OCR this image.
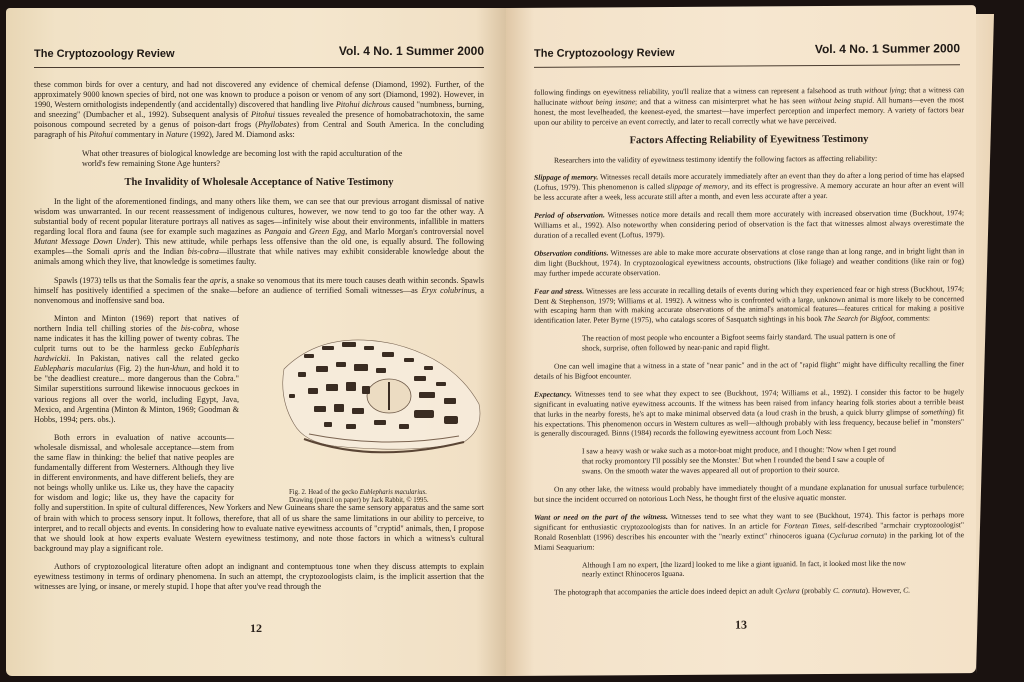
The Cryptozoology Review	Vol. 4 No. 1 Summer 2000

these common birds for over a century, and had not discovered any evidence of chemical defense (Diamond, 1992). Further, of the approximately 9000 known species of bird, not one was known to produce a poison or venom of any sort (Diamond, 1992). However, in 1990, Western ornithologists independently (and accidentally) discovered that handling live Pitohui dichrous caused "numbness, burning, and sneezing" (Dumbacher et al., 1992). Subsequent analysis of Pitohui tissues revealed the presence of homobatrachotoxin, the same poisonous compound secreted by a genus of poison-dart frogs (Phyllobates) from Central and South America. In the concluding paragraph of his Pitohui commentary in Nature (1992), Jared M. Diamond asks:

What other treasures of biological knowledge are becoming lost with the rapid acculturation of the world's few remaining Stone Age hunters?

The Invalidity of Wholesale Acceptance of Native Testimony

In the light of the aforementioned findings, and many others like them, we can see that our previous arrogant dismissal of native wisdom was unwarranted. In our recent reassessment of indigenous cultures, however, we now tend to go too far the other way. A substantial body of recent popular literature portrays all natives as sages—infinitely wise about their environments, infallible in matters regarding local flora and fauna (see for example such magazines as Pangaia and Green Egg, and Marlo Morgan's controversial novel Mutant Message Down Under). This new attitude, while perhaps less offensive than the old one, is equally absurd. The following examples—the Somali apris and the Indian bis-cobra—illustrate that while natives may exhibit considerable knowledge about the animals among which they live, that knowledge is sometimes faulty.

Spawls (1973) tells us that the Somalis fear the apris, a snake so venomous that its mere touch causes death within seconds. Spawls himself has positively identified a specimen of the snake—before an audience of terrified Somali witnesses—as Eryx colubrinus, a nonvenomous and inoffensive sand boa.

Minton and Minton (1969) report that natives of northern India tell chilling stories of the bis-cobra, whose name indicates it has the killing power of twenty cobras. The culprit turns out to be the harmless gecko Eublepharis hardwickii. In Pakistan, natives call the related gecko Eublepharis macularius (Fig. 2) the hun-khun, and hold it to be "the deadliest creature... more dangerous than the Cobra." Similar superstitions surround likewise innocuous geckoes in various regions all over the world, including Egypt, Java, Mexico, and Argentina (Minton & Minton, 1969; Goodman & Hobbs, 1994; pers. obs.).

Fig. 2. Head of the gecko Eublepharis macularius.
Drawing (pencil on paper) by Jack Rabbit, © 1995.

Both errors in evaluation of native accounts—wholesale dismissal, and wholesale acceptance—stem from the same flaw in thinking: the belief that native peoples are fundamentally different from Westerners. Although they live in different environments, and have different beliefs, they are not beings wholly unlike us. Like us, they have the capacity for wisdom and logic; like us, they have the capacity for folly and superstition. In spite of cultural differences, New Yorkers and New Guineans share the same sensory apparatus and the same sort of brain with which to process sensory input. It follows, therefore, that all of us share the same limitations in our ability to perceive, to interpret, and to recall objects and events. In considering how to evaluate native eyewitness accounts of "cryptid" animals, then, I propose that we should look at how experts evaluate Western eyewitness testimony, and note those factors in which a witness's cultural background may play a significant role.

Authors of cryptozoological literature often adopt an indignant and contemptuous tone when they discuss attempts to explain eyewitness testimony in terms of ordinary phenomena. In such an attempt, the cryptozoologists claim, is the implicit assertion that the witnesses are lying, or insane, or merely stupid. I hope that after you've read through the

12
The Cryptozoology Review	Vol. 4 No. 1 Summer 2000

following findings on eyewitness reliability, you'll realize that a witness can represent a falsehood as truth without lying; that a witness can hallucinate without being insane; and that a witness can misinterpret what he has seen without being stupid. All humans—even the most honest, the most levelheaded, the keenest-eyed, the smartest—have imperfect perception and imperfect memory. A variety of factors bear upon our ability to perceive an event correctly, and later to recall correctly what we have perceived.

Factors Affecting Reliability of Eyewitness Testimony

Researchers into the validity of eyewitness testimony identify the following factors as affecting reliability:

Slippage of memory. Witnesses recall details more accurately immediately after an event than they do after a long period of time has elapsed (Loftus, 1979). This phenomenon is called slippage of memory, and its effect is progressive. A memory accurate an hour after an event will be less accurate after a week, less accurate still after a month, and even less accurate after a year.

Period of observation. Witnesses notice more details and recall them more accurately with increased observation time (Buckhout, 1974; Williams et al., 1992). Also noteworthy when considering period of observation is the fact that witnesses almost always overestimate the duration of a recalled event (Loftus, 1979).

Observation conditions. Witnesses are able to make more accurate observations at close range than at long range, and in bright light than in dim light (Buckhout, 1974). In cryptozoological eyewitness accounts, obstructions (like foliage) and weather conditions (like rain or fog) may further impede accurate observation.

Fear and stress. Witnesses are less accurate in recalling details of events during which they experienced fear or high stress (Buckhout, 1974; Dent & Stephenson, 1979; Williams et al. 1992). A witness who is confronted with a large, unknown animal is more likely to be concerned with escaping harm than with making accurate observations of the animal's anatomical features—features critical for making a positive identification later. Peter Byrne (1975), who catalogs scores of Sasquatch sightings in his book The Search for Bigfoot, comments:

The reaction of most people who encounter a Bigfoot seems fairly standard. The usual pattern is one of shock, surprise, often followed by near-panic and rapid flight.

One can well imagine that a witness in a state of "near panic" and in the act of "rapid flight" might have difficulty recalling the finer details of his Bigfoot encounter.

Expectancy. Witnesses tend to see what they expect to see (Buckhout, 1974; Williams et al., 1992). I consider this factor to be hugely significant in evaluating native eyewitness accounts. If the witness has been raised from infancy hearing folk stories about a terrible beast that lurks in the nearby forests, he's apt to make minimal observed data (a loud crash in the brush, a quick blurry glimpse of something) fit his expectations. This phenomenon occurs in Western cultures as well—although probably with less frequency, because belief in "monsters" is generally discouraged. Binns (1984) records the following eyewitness account from Loch Ness:

I saw a heavy wash or wake such as a motor-boat might produce, and I thought: 'Now when I get round that rocky promontory I'll possibly see the Monster.' But when I rounded the bend I saw a couple of swans. On the smooth water the waves appeared all out of proportion to their source.

On any other lake, the witness would probably have immediately thought of a mundane explanation for unusual surface turbulence; but since the incident occurred on notorious Loch Ness, he thought first of the elusive aquatic monster.

Want or need on the part of the witness. Witnesses tend to see what they want to see (Buckhout, 1974). This factor is perhaps more significant for enthusiastic cryptozoologists than for natives. In an article for Fortean Times, self-described "armchair cryptozoologist" Ronald Rosenblatt (1996) describes his encounter with the "nearly extinct" rhinoceros iguana (Cyclurua cornuta) in the parking lot of the Miami Seaquarium:

Although I am no expert, [the lizard] looked to me like a giant iguanid. In fact, it looked most like the now nearly extinct Rhinoceros Iguana.

The photograph that accompanies the article does indeed depict an adult Cyclura (probably C. cornuta). However, C.

13
